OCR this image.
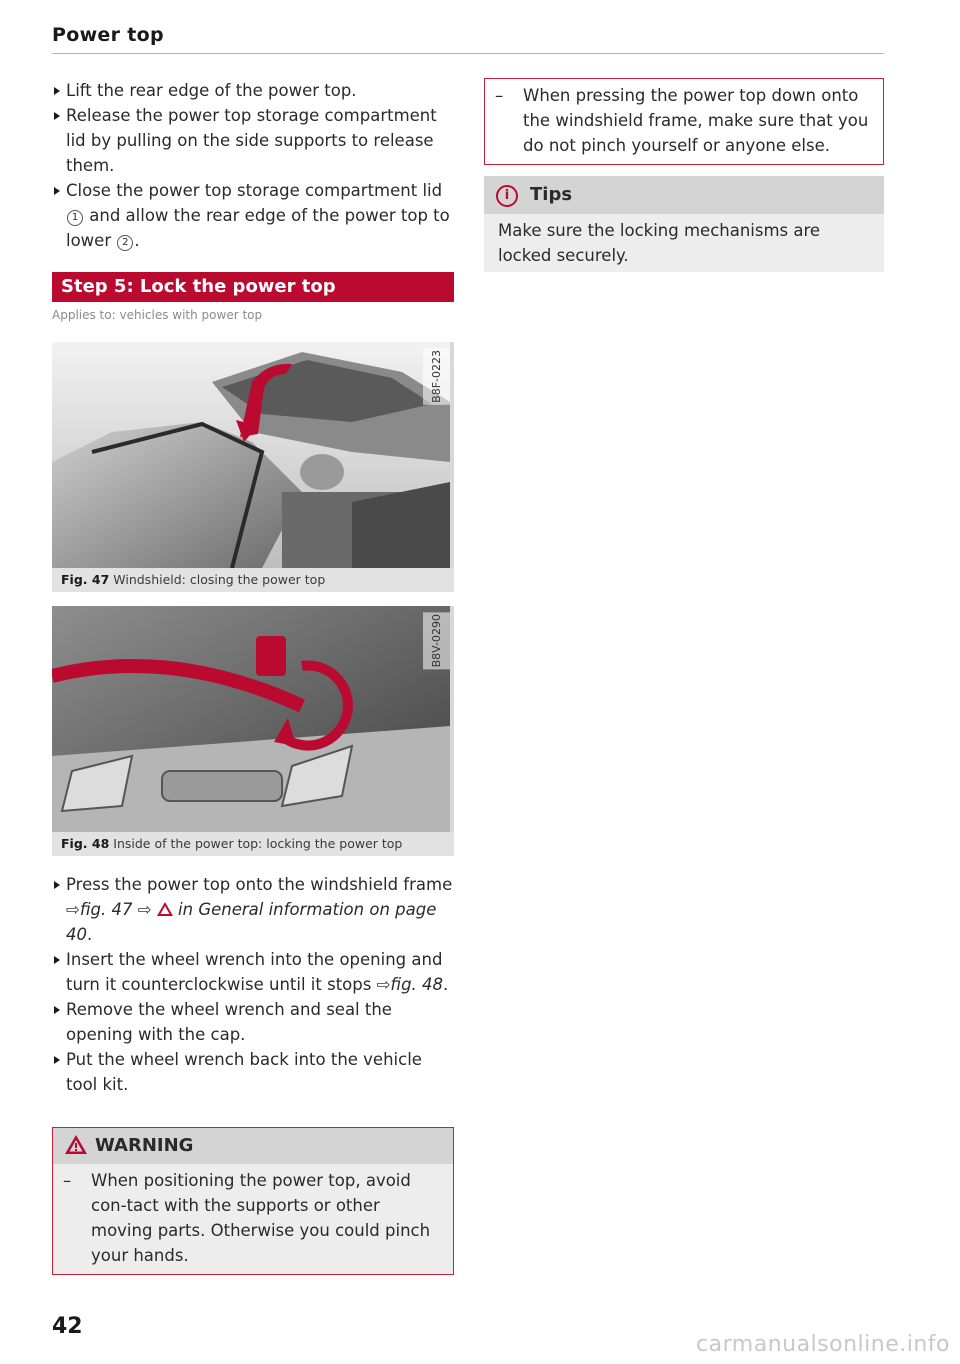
Power top

Lift the rear edge of the power top.

Release the power top storage compartment lid by pulling on the side supports to release them.

Close the power top storage compartment lid 1 and allow the rear edge of the power top to lower 2 .

Step 5: Lock the power top

Applies to: vehicles with power top

B8F-0223
Fig. 47 Windshield: closing the power top
B8V-0290
Fig. 48 Inside of the power top: locking the power top

Press the power top onto the windshield frame ⇨fig. 47 ⇨ in General information on page 40.

Insert the wheel wrench into the opening and turn it counterclockwise until it stops ⇨fig. 48.

Remove the wheel wrench and seal the opening with the cap.

Put the wheel wrench back into the vehicle tool kit.

WARNING

– When positioning the power top, avoid con-tact with the supports or other moving parts. Otherwise you could pinch your hands.

– When pressing the power top down onto the windshield frame, make sure that you do not pinch yourself or anyone else.

i Tips
Make sure the locking mechanisms are locked securely.
42
carmanualsonline.info
